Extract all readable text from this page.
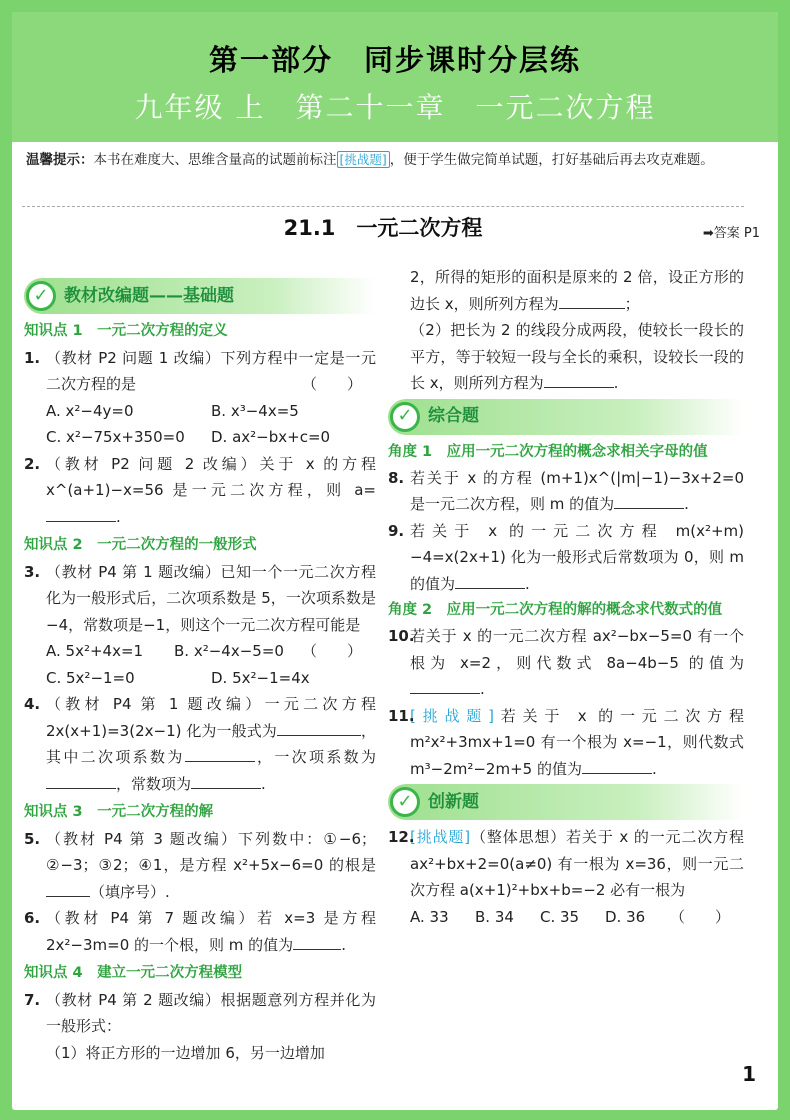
第一部分　同步课时分层练
九年级 上　第二十一章　一元二次方程
温馨提示：本书在难度大、思维含量高的试题前标注 [挑战题] ，便于学生做完简单试题，打好基础后再去攻克难题。
21.1　一元二次方程	➡答案 P1
✓ 教材改编题——基础题
知识点 1　一元二次方程的定义
1. （教材 P2 问题 1 改编）下列方程中一定是一元二次方程的是	（　　）
A. x²−4y=0	B. x³−4x=5
C. x²−75x+350=0	D. ax²−bx+c=0
2. （教材 P2 问题 2 改编）关于 x 的方程 x^(a+1)−x=56 是一元二次方程，则 a= .
知识点 2　一元二次方程的一般形式
3. （教材 P4 第 1 题改编）已知一个一元二次方程化为一般形式后，二次项系数是 5，一次项系数是−4，常数项是−1，则这个一元二次方程可能是
（　　）
A. 5x²+4x=1	B. x²−4x−5=0
C. 5x²−1=0	D. 5x²−1=4x
4. （教材 P4 第 1 题改编）一元二次方程 2x(x+1)=3(2x−1) 化为一般式为	，其中二次项系数为	，一次项系数为，常数项为	.
知识点 3　一元二次方程的解
5. （教材 P4 第 3 题改编）下列数中：①−6；②−3；③2；④1，是方程 x²+5x−6=0 的根是（填序号）.
6. （教材 P4 第 7 题改编）若 x=3 是方程 2x²−3m=0 的一个根，则 m 的值为	.
知识点 4　建立一元二次方程模型
7. （教材 P4 第 2 题改编）根据题意列方程并化为一般形式：
（1）将正方形的一边增加 6，另一边增加
2，所得的矩形的面积是原来的 2 倍，设正方形的边长 x，则所列方程为	；
（2）把长为 2 的线段分成两段，使较长一段长的平方，等于较短一段与全长的乘积，设较长一段的长 x，则所列方程为	.
✓ 综合题
角度 1　应用一元二次方程的概念求相关字母的值
8. 若关于 x 的方程 (m+1)x^(|m|−1)−3x+2=0 是一元二次方程，则 m 的值为	.
9. 若关于 x 的一元二次方程 m(x²+m)−4=x(2x+1) 化为一般形式后常数项为 0，则 m 的值为	.
角度 2　应用一元二次方程的解的概念求代数式的值
10.
若关于 x 的一元二次方程 ax²−bx−5=0 有一个根为 x=2，则代数式 8a−4b−5 的值为.
11.
[挑战题]若关于 x 的一元二次方程 m²x²+3mx+1=0 有一个根为 x=−1，则代数式 m³−2m²−2m+5 的值为	.
✓ 创新题
12.
[挑战题]（整体思想）若关于 x 的一元二次方程 ax²+bx+2=0(a≠0) 有一根为 x=36，则一元二次方程 a(x+1)²+bx+b=−2 必有一根为
（　　）
A. 33	B. 34	C. 35	D. 36
1
